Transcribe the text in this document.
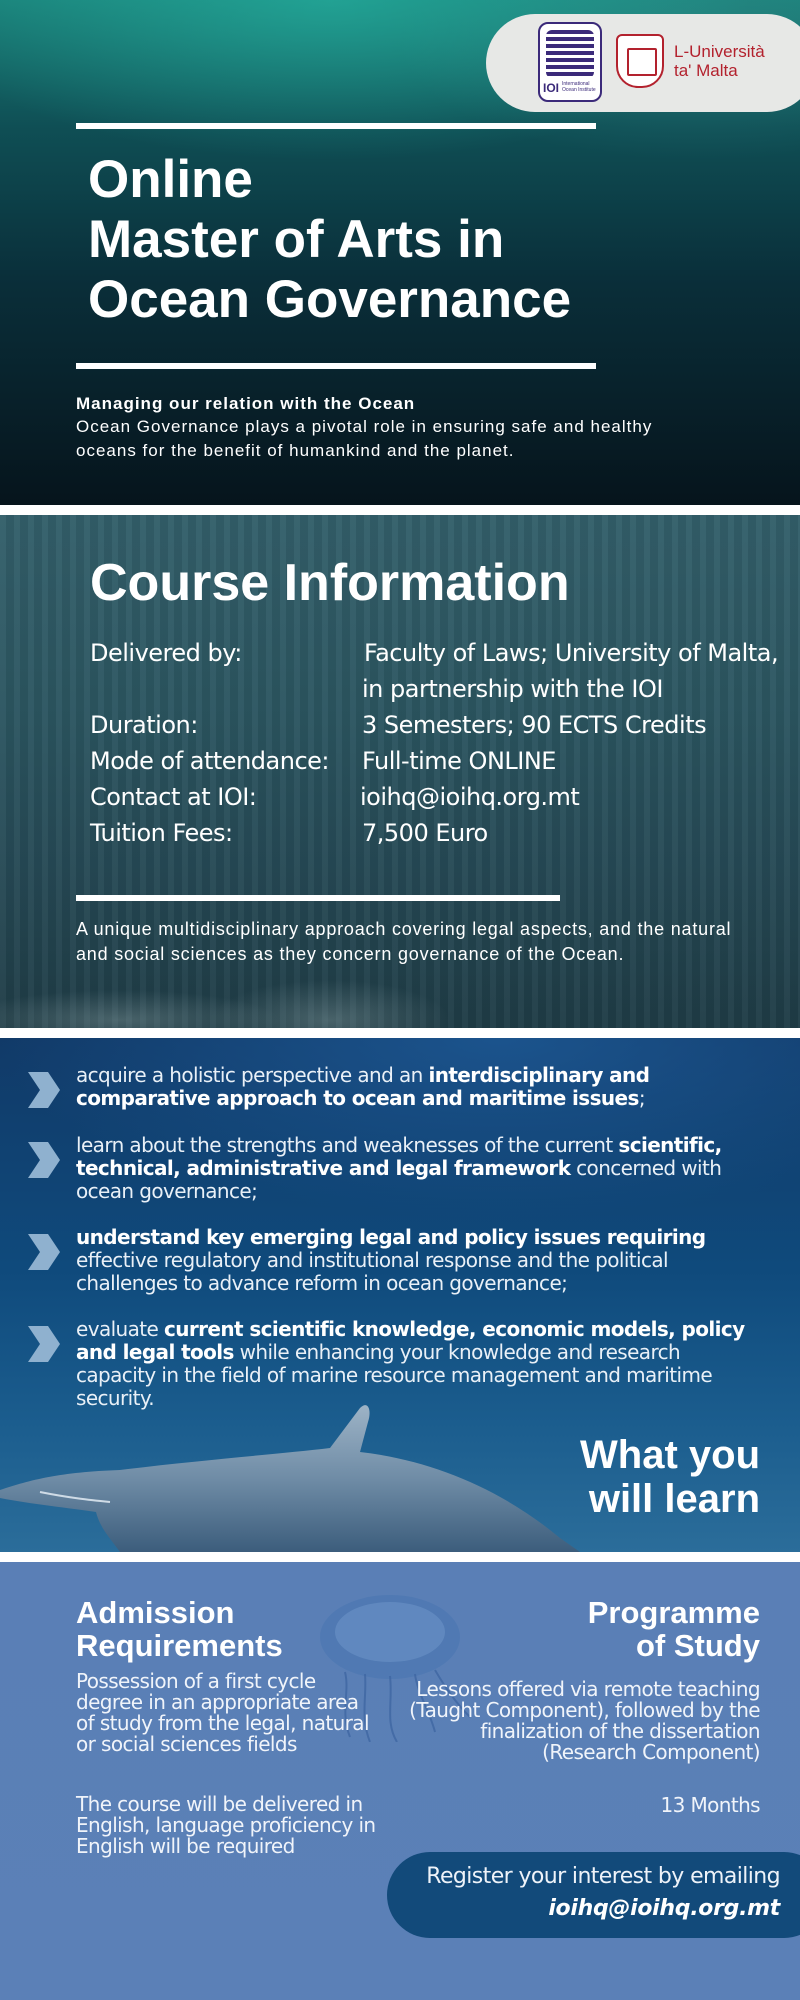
IOI International Ocean Institute
L-Università
ta' Malta
Online
Master of Arts in
Ocean Governance
Managing our relation with the Ocean
Ocean Governance plays a pivotal role in ensuring safe and healthy oceans for the benefit of humankind and the planet.
Course Information
Delivered by:	Faculty of Laws; University of Malta,
in partnership with the IOI
Duration:	3 Semesters; 90 ECTS Credits
Mode of attendance: Full-time ONLINE
Contact at IOI:	ioihq@ioihq.org.mt
Tuition Fees:	7,500 Euro
A unique multidisciplinary approach covering legal aspects, and the natural and social sciences as they concern governance of the Ocean.
acquire a holistic perspective and an interdisciplinary and comparative approach to ocean and maritime issues;
learn about the strengths and weaknesses of the current scientific, technical, administrative and legal framework concerned with ocean governance;
understand key emerging legal and policy issues requiring effective regulatory and institutional response and the political challenges to advance reform in ocean governance;
evaluate current scientific knowledge, economic models, policy and legal tools while enhancing your knowledge and research capacity in the field of marine resource management and maritime security.
What you
will learn
Admission
Requirements
Possession of a first cycle degree in an appropriate area of study from the legal, natural or social sciences fields
The course will be delivered in English, language proficiency in English will be required
Programme
of Study
Lessons offered via remote teaching (Taught Component), followed by the finalization of the dissertation (Research Component)
13 Months
Register your interest by emailing
ioihq@ioihq.org.mt
